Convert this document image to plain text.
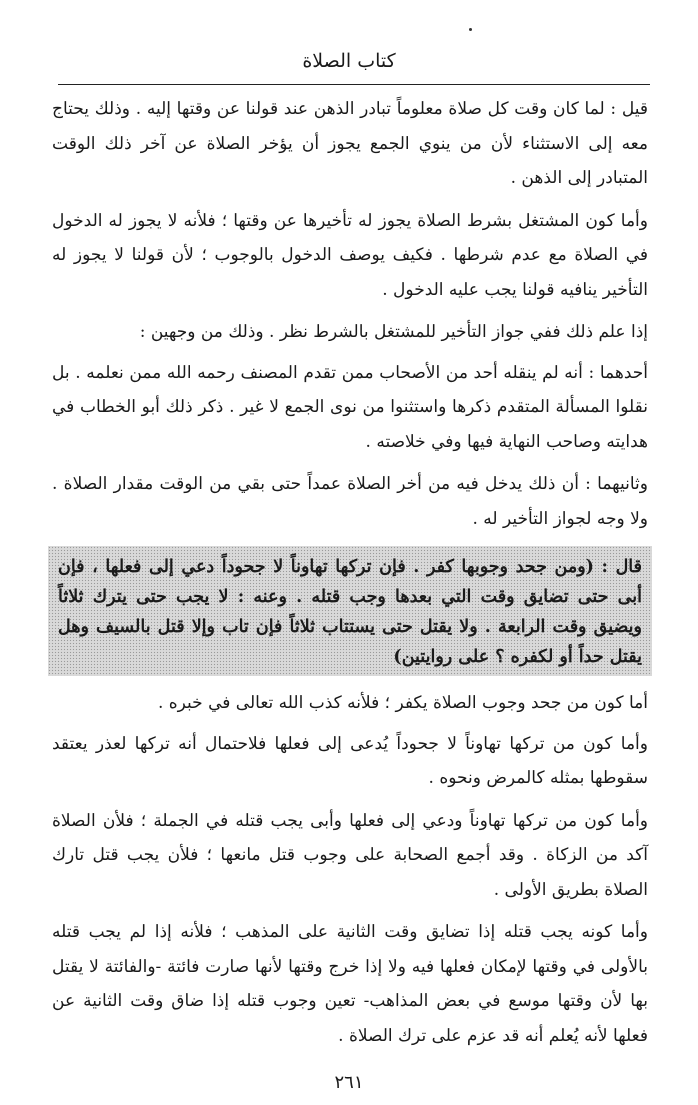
كتاب الصلاة

قيل : لما كان وقت كل صلاة معلوماً تبادر الذهن عند قولنا عن وقتها إليه . وذلك يحتاج معه إلى الاستثناء لأن من ينوي الجمع يجوز أن يؤخر الصلاة عن آخر ذلك الوقت المتبادر إلى الذهن .

وأما كون المشتغل بشرط الصلاة يجوز له تأخيرها عن وقتها ؛ فلأنه لا يجوز له الدخول في الصلاة مع عدم شرطها . فكيف يوصف الدخول بالوجوب ؛ لأن قولنا لا يجوز له التأخير ينافيه قولنا يجب عليه الدخول .

إذا علم ذلك ففي جواز التأخير للمشتغل بالشرط نظر . وذلك من وجهين :

أحدهما : أنه لم ينقله أحد من الأصحاب ممن تقدم المصنف رحمه الله ممن نعلمه . بل نقلوا المسألة المتقدم ذكرها واستثنوا من نوى الجمع لا غير . ذكر ذلك أبو الخطاب في هدايته وصاحب النهاية فيها وفي خلاصته .

وثانيهما : أن ذلك يدخل فيه من أخر الصلاة عمداً حتى بقي من الوقت مقدار الصلاة . ولا وجه لجواز التأخير له .

قال : (ومن جحد وجوبها كفر . فإن تركها تهاوناً لا جحوداً دعي إلى فعلها ، فإن أبى حتى تضايق وقت التي بعدها وجب قتله . وعنه : لا يجب حتى يترك ثلاثاً ويضيق وقت الرابعة . ولا يقتل حتى يستتاب ثلاثاً فإن تاب وإلا قتل بالسيف وهل يقتل حداً أو لكفره ؟ على روايتين)

أما كون من جحد وجوب الصلاة يكفر ؛ فلأنه كذب الله تعالى في خبره .

وأما كون من تركها تهاوناً لا جحوداً يُدعى إلى فعلها فلاحتمال أنه تركها لعذر يعتقد سقوطها بمثله كالمرض ونحوه .

وأما كون من تركها تهاوناً ودعي إلى فعلها وأبى يجب قتله في الجملة ؛ فلأن الصلاة آكد من الزكاة . وقد أجمع الصحابة على وجوب قتل مانعها ؛ فلأن يجب قتل تارك الصلاة بطريق الأولى .

وأما كونه يجب قتله إذا تضايق وقت الثانية على المذهب ؛ فلأنه إذا لم يجب قتله بالأولى في وقتها لإمكان فعلها فيه ولا إذا خرج وقتها لأنها صارت فائتة -والفائتة لا يقتل بها لأن وقتها موسع في بعض المذاهب- تعين وجوب قتله إذا ضاق وقت الثانية عن فعلها لأنه يُعلم أنه قد عزم على ترك الصلاة .

٢٦١
